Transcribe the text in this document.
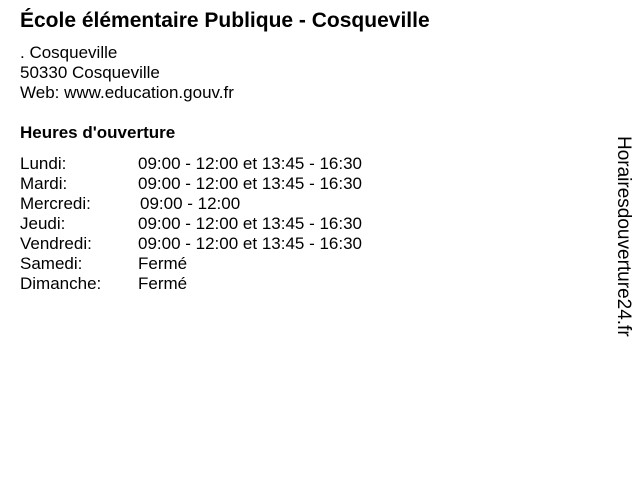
École élémentaire Publique - Cosqueville
. Cosqueville
50330 Cosqueville
Web: www.education.gouv.fr
Heures d'ouverture
Lundi:	09:00 - 12:00 et 13:45 - 16:30
Mardi:	09:00 - 12:00 et 13:45 - 16:30
Mercredi:	09:00 - 12:00
Jeudi:	09:00 - 12:00 et 13:45 - 16:30
Vendredi:	09:00 - 12:00 et 13:45 - 16:30
Samedi:	Fermé
Dimanche:	Fermé	Horairesdouverture24.fr
